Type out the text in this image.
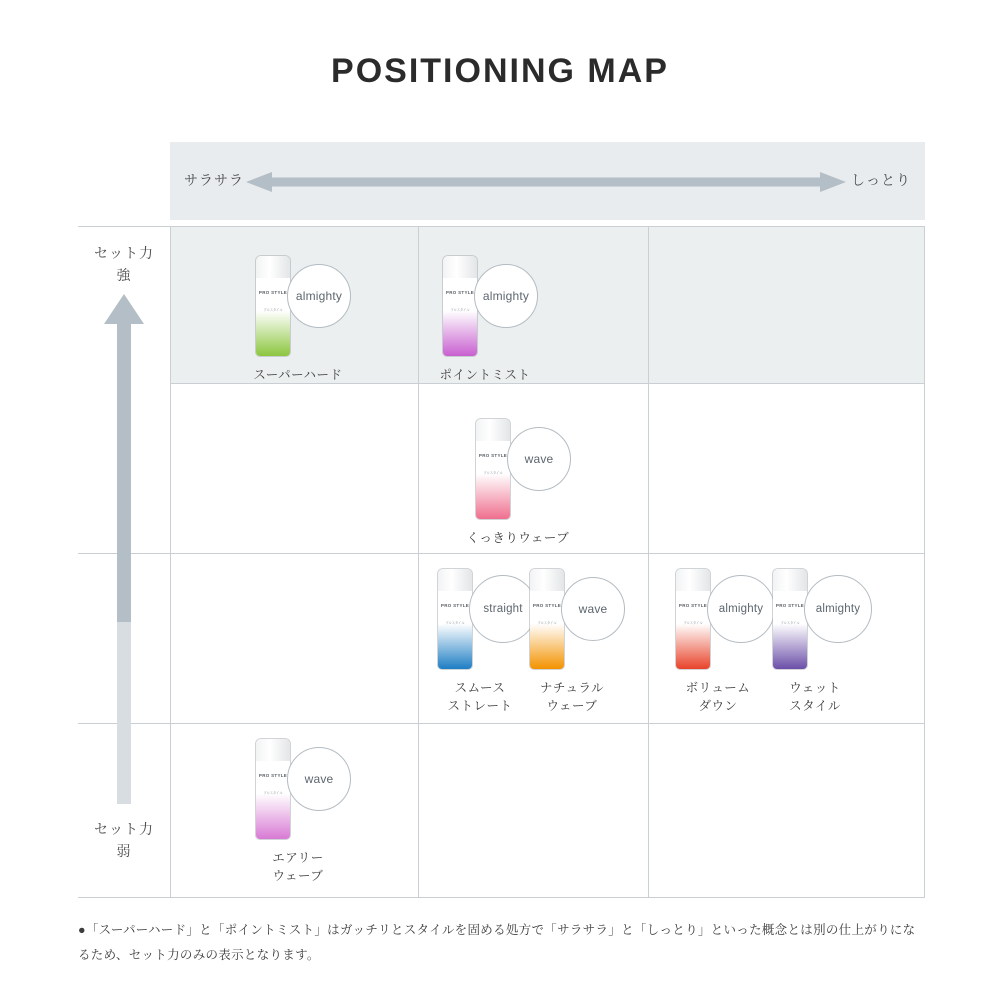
POSITIONING MAP
サラサラ	しっとり
セット力
強
セット力
弱
PRO STYLE
プロスタイル
almighty
スーパーハード
PRO STYLE
プロスタイル
almighty
ポイントミスト
PRO STYLE
プロスタイル
wave
くっきりウェーブ
PRO STYLE
プロスタイル
straight
スムース
ストレート
PRO STYLE
プロスタイル
wave
ナチュラル
ウェーブ
PRO STYLE
プロスタイル
almighty
ボリューム
ダウン
PRO STYLE
プロスタイル
almighty
ウェット
スタイル
PRO STYLE
プロスタイル
wave
エアリー
ウェーブ
●「スーパーハード」と「ポイントミスト」はガッチリとスタイルを固める処方で「サラサラ」と「しっとり」といった概念とは別の仕上がりになるため、セット力のみの表示となります。
